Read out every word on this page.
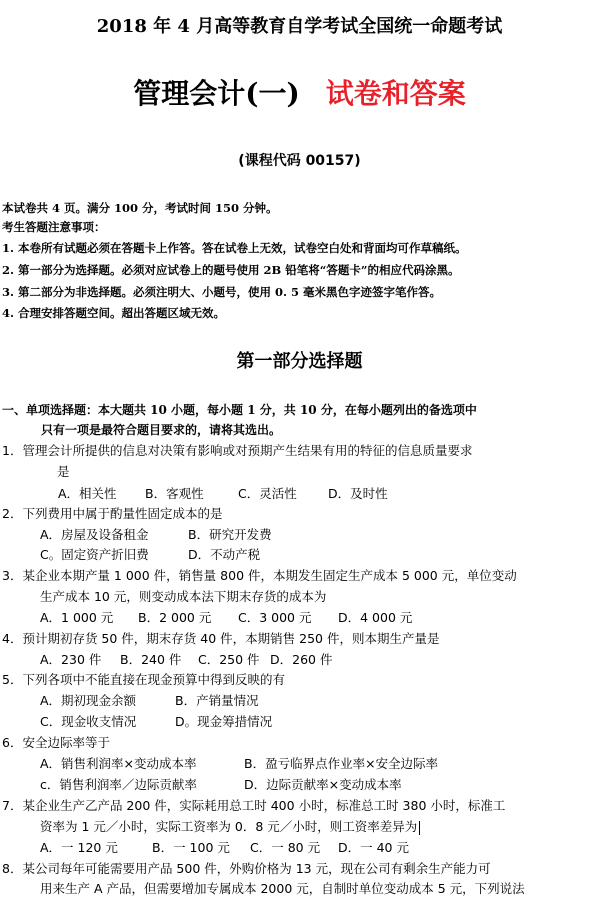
2018 年 4 月高等教育自学考试全国统一命题考试
管理会计(一) 试卷和答案
(课程代码 00157)
本试卷共 4 页。满分 100 分，考试时间 150 分钟。
考生答题注意事项：
1. 本卷所有试题必须在答题卡上作答。答在试卷上无效，试卷空白处和背面均可作草稿纸。
2. 第一部分为选择题。必须对应试卷上的题号使用 2B 铅笔将“答题卡”的相应代码涂黑。
3. 第二部分为非选择题。必须注明大、小题号，使用 0. 5 毫米黑色字迹签字笔作答。
4. 合理安排答题空间。超出答题区域无效。
第一部分选择题
一、单项选择题：本大题共 10 小题，每小题 1 分，共 10 分，在每小题列出的备选项中
只有一项是最符合题目要求的，请将其选出。
1．管理会计所提供的信息对决策有影响或对预期产生结果有用的特征的信息质量要求
是
A．相关性 B．客观性	C．灵活性	D．及时性
2．下列费用中属于酌量性固定成本的是
A．房屋及设备租金	B．研究开发费
C。固定资产折旧费	D．不动产税
3．某企业本期产量 1 000 件，销售量 800 件，本期发生固定生产成本 5 000 元，单位变动
生产成本 10 元，则变动成本法下期末存货的成本为
A．1 000 元 B．2 000 元 C．3 000 元 D．4 000 元
4．预计期初存货 50 件，期末存货 40 件，本期销售 250 件，则本期生产量是
A．230 件 B．240 件 C．250 件 D．260 件
5．下列各项中不能直接在现金预算中得到反映的有
A．期初现金余额	B．产销量情况
C．现金收支情况	D。现金筹措情况
6．安全边际率等于
A．销售利润率×变动成本率	B．盈亏临界点作业率×安全边际率
c．销售利润率／边际贡献率	D．边际贡献率×变动成本率
7．某企业生产乙产品 200 件，实际耗用总工时 400 小时，标准总工时 380 小时，标准工
资率为 1 元／小时，实际工资率为 0．8 元／小时，则工资率差异为
A．一 120 元	B．一 100 元 C．一 80 元 D．一 40 元
8．某公司每年可能需要用产品 500 件，外购价格为 13 元，现在公司有剩余生产能力可
用来生产 A 产品，但需要增加专属成本 2000 元，自制时单位变动成本 5 元，下列说法
